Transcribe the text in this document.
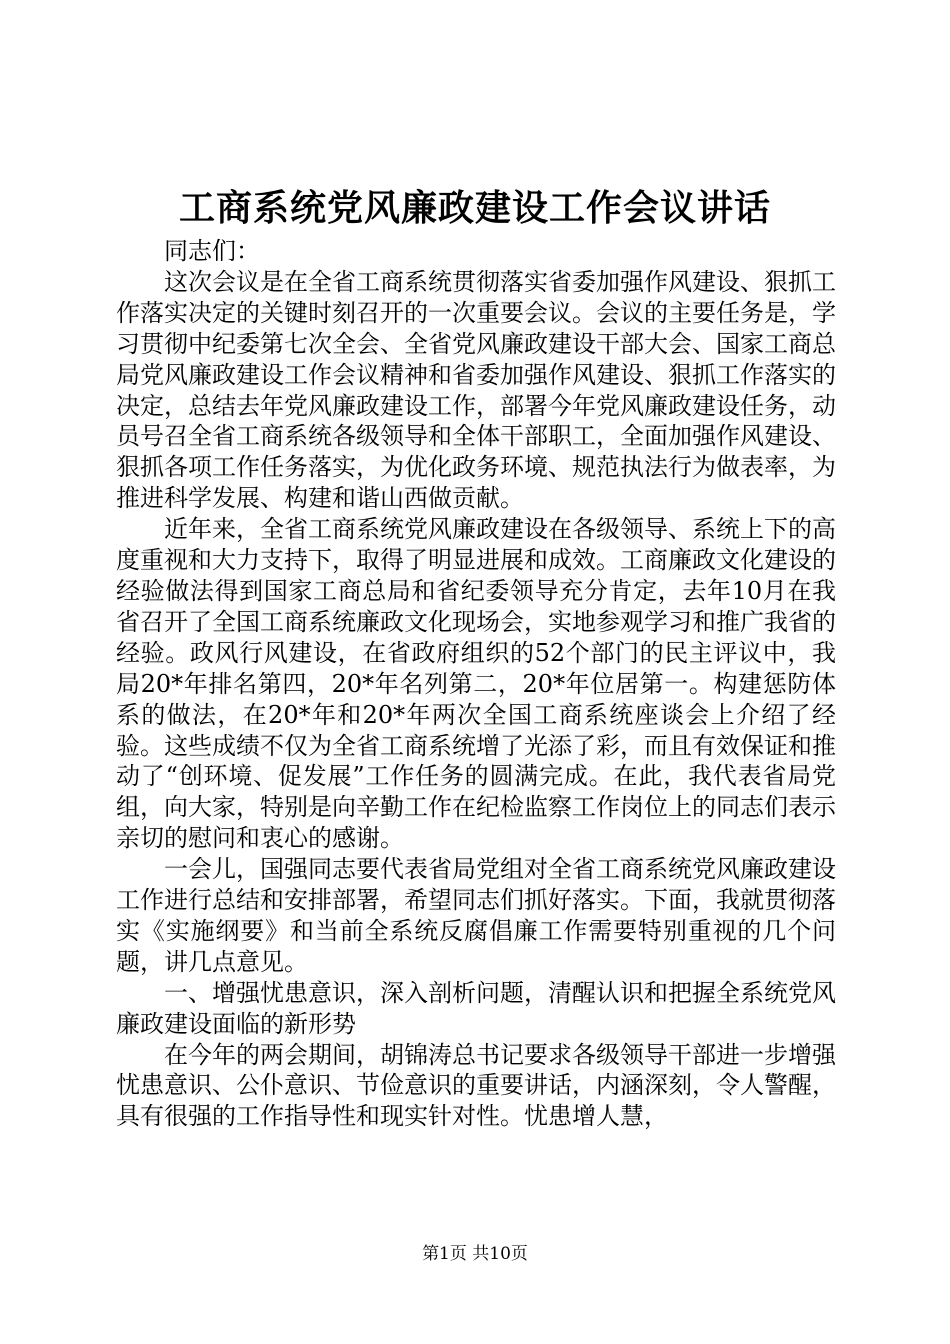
工商系统党风廉政建设工作会议讲话

同志们：

这次会议是在全省工商系统贯彻落实省委加强作风建设、狠抓工作落实决定的关键时刻召开的一次重要会议。会议的主要任务是，学习贯彻中纪委第七次全会、全省党风廉政建设干部大会、国家工商总局党风廉政建设工作会议精神和省委加强作风建设、狠抓工作落实的决定，总结去年党风廉政建设工作，部署今年党风廉政建设任务，动员号召全省工商系统各级领导和全体干部职工，全面加强作风建设、狠抓各项工作任务落实，为优化政务环境、规范执法行为做表率，为推进科学发展、构建和谐山西做贡献。

近年来，全省工商系统党风廉政建设在各级领导、系统上下的高度重视和大力支持下，取得了明显进展和成效。工商廉政文化建设的经验做法得到国家工商总局和省纪委领导充分肯定，去年10月在我省召开了全国工商系统廉政文化现场会，实地参观学习和推广我省的经验。政风行风建设，在省政府组织的52个部门的民主评议中，我局20*年排名第四，20*年名列第二，20*年位居第一。构建惩防体系的做法，在20*年和20*年两次全国工商系统座谈会上介绍了经验。这些成绩不仅为全省工商系统增了光添了彩，而且有效保证和推动了“创环境、促发展”工作任务的圆满完成。在此，我代表省局党组，向大家，特别是向辛勤工作在纪检监察工作岗位上的同志们表示亲切的慰问和衷心的感谢。

一会儿，国强同志要代表省局党组对全省工商系统党风廉政建设工作进行总结和安排部署，希望同志们抓好落实。下面，我就贯彻落实《实施纲要》和当前全系统反腐倡廉工作需要特别重视的几个问题，讲几点意见。

一、增强忧患意识，深入剖析问题，清醒认识和把握全系统党风廉政建设面临的新形势

在今年的两会期间，胡锦涛总书记要求各级领导干部进一步增强忧患意识、公仆意识、节俭意识的重要讲话，内涵深刻，令人警醒，具有很强的工作指导性和现实针对性。忧患增人慧，

第1页 共10页
